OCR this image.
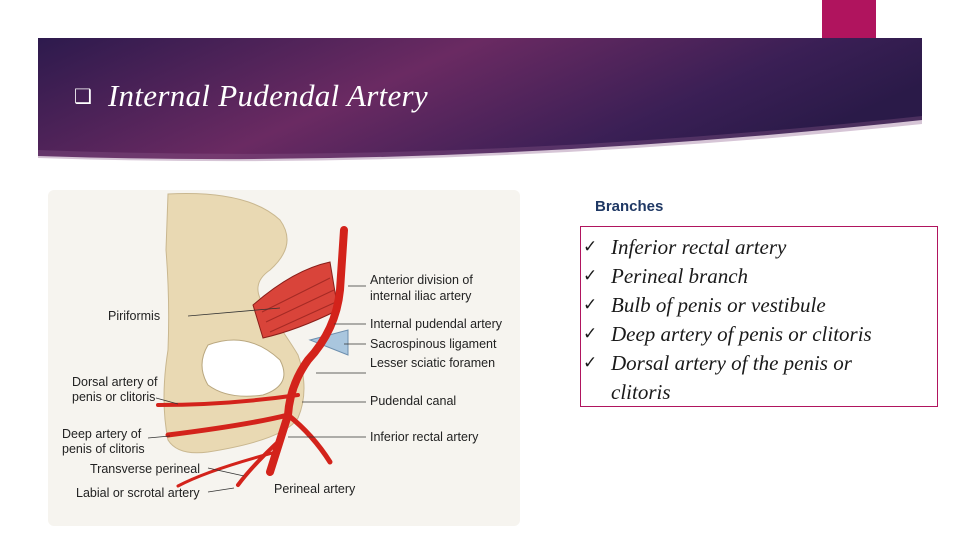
❑ Internal Pudendal Artery
Anterior division of
internal iliac artery
Piriformis
Internal pudendal artery
Sacrospinous ligament
Lesser sciatic foramen
Dorsal artery of
penis or clitoris	Pudendal canal
Deep artery of
penis of clitoris
Inferior rectal artery
Transverse perineal
Labial or scrotal artery	Perineal artery
Branches
✓ Inferior rectal artery
✓ Perineal branch
✓ Bulb of penis or vestibule
✓ Deep artery of penis or clitoris
✓ Dorsal artery of the penis or clitoris
